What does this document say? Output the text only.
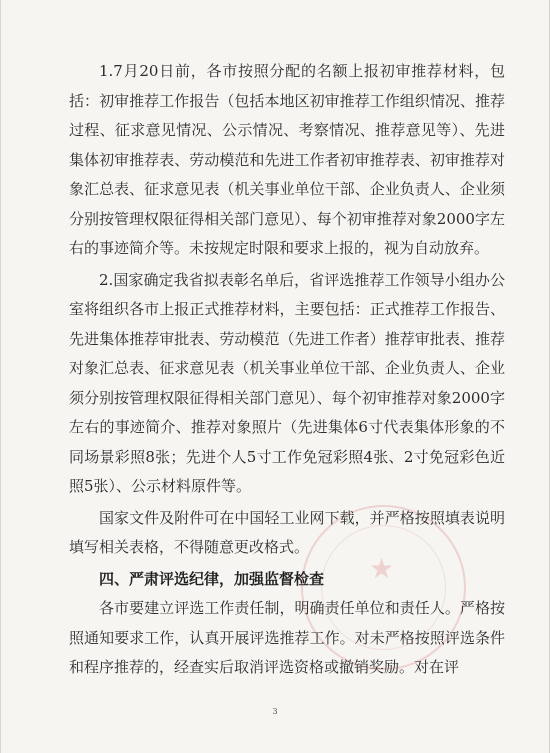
★

1.7月20日前，各市按照分配的名额上报初审推荐材料，包括：初审推荐工作报告（包括本地区初审推荐工作组织情况、推荐过程、征求意见情况、公示情况、考察情况、推荐意见等）、先进集体初审推荐表、劳动模范和先进工作者初审推荐表、初审推荐对象汇总表、征求意见表（机关事业单位干部、企业负责人、企业须分别按管理权限征得相关部门意见）、每个初审推荐对象2000字左右的事迹简介等。未按规定时限和要求上报的，视为自动放弃。

2.国家确定我省拟表彰名单后，省评选推荐工作领导小组办公室将组织各市上报正式推荐材料，主要包括：正式推荐工作报告、先进集体推荐审批表、劳动模范（先进工作者）推荐审批表、推荐对象汇总表、征求意见表（机关事业单位干部、企业负责人、企业须分别按管理权限征得相关部门意见）、每个初审推荐对象2000字左右的事迹简介、推荐对象照片（先进集体6寸代表集体形象的不同场景彩照8张；先进个人5寸工作免冠彩照4张、2寸免冠彩色近照5张）、公示材料原件等。

国家文件及附件可在中国轻工业网下载，并严格按照填表说明填写相关表格，不得随意更改格式。

四、严肃评选纪律，加强监督检查

各市要建立评选工作责任制，明确责任单位和责任人。严格按照通知要求工作，认真开展评选推荐工作。对未严格按照评选条件和程序推荐的，经查实后取消评选资格或撤销奖励。对在评

3
